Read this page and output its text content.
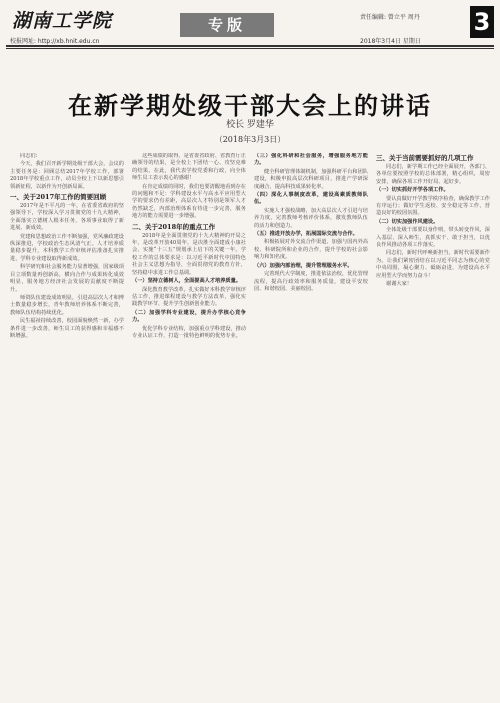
湖南工学院
校报网址: http://xb.hnit.edu.cn
专版	责任编辑: 曾立平 周丹
2018年3月4日 星期日
3
在新学期处级干部大会上的讲话
校长 罗建华
（2018年3月3日）

同志们:

今天，我们召开新学期处级干部大会，会议的主要任务是：回顾总结2017年学校工作，部署2018年学校重点工作，动员全校上下以新思想引领新征程，以新作为开创新局面。

一、关于2017年工作的简要回顾

2017年是不平凡的一年，在省委省政府的坚强领导下，学校深入学习贯彻党的十九大精神，全面落实立德树人根本任务，各项事业取得了新进展、新成效。

党建和思想政治工作不断加强，党风廉政建设纵深推进，学校政治生态风清气正。人才培养质量稳步提升，本科教学工作审核评估准备扎实推进，学科专业建设取得新成效。

科学研究和社会服务能力显著增强，国家级项目立项数量再创新高，横向合作与成果转化成效明显，服务地方经济社会发展的贡献度不断提升。

师资队伍建设成效明显，引进高层次人才和博士数量稳步增长，青年教师培养体系不断完善，教师队伍结构持续优化。

民生福祉持续改善，校园面貌焕然一新，办学条件进一步改善，师生员工的获得感和幸福感不断增强。

这些成绩的取得，是省委省政府、省教育厅正确领导的结果，是全校上下团结一心、攻坚克难的结果。在此，我代表学校党委和行政，向全体师生员工表示衷心的感谢！

在肯定成绩的同时，我们也要清醒地看到存在的问题和不足：学科建设水平与高水平应用型大学的要求仍有差距，高层次人才特别是领军人才仍然缺乏，内部治理体系有待进一步完善，服务地方的能力需要进一步增强。

二、关于2018年的重点工作

2018年是全面贯彻党的十九大精神的开局之年，是改革开放40周年，是决胜全面建成小康社会、实施“十三五”规划承上启下的关键一年。学校工作的总体要求是：以习近平新时代中国特色社会主义思想为指导，全面贯彻党的教育方针，坚持稳中求进工作总基调。

（一）坚持立德树人，全面提高人才培养质量。

深化教育教学改革，扎实做好本科教学审核评估工作，推进课程建设与教学方法改革，强化实践教学环节，提升学生创新创业能力。

（二）加强学科专业建设，提升办学核心竞争力。

优化学科专业结构，加强重点学科建设，推动专业认证工作，打造一批特色鲜明的优势专业。

（三）强化科研和社会服务，增强服务地方能力。

健全科研管理体制机制，加强科研平台和团队建设，积极申报高层次科研项目，推进产学研深度融合，提高科技成果转化率。

（四）深化人事制度改革，建设高素质教师队伍。

实施人才强校战略，加大高层次人才引进与培养力度，完善教师考核评价体系，激发教师队伍的活力和创造力。

（五）推进开放办学，拓展国际交流与合作。

积极拓展对外交流合作渠道，加强与国内外高校、科研院所和企业的合作，提升学校的社会影响力和知名度。

（六）加强内部治理，提升管理服务水平。

完善现代大学制度，推进依法治校，优化管理流程，提高行政效率和服务质量，建设平安校园、和谐校园、美丽校园。

三、关于当前需要抓好的几项工作

同志们，新学期工作已经全面展开，各部门、各单位要按照学校的总体部署，精心组织，周密安排，确保各项工作开好局、起好步。

（一）切实抓好开学各项工作。

要认真做好开学教学秩序检查，确保教学工作有序运行；做好学生返校、安全稳定等工作，营造良好的校园氛围。

（二）切实加强作风建设。

全体处级干部要以身作则，带头转变作风，深入基层、深入师生，真抓实干、敢于担当，以优良作风推动各项工作落实。

同志们，新时代呼唤新担当，新时代需要新作为。让我们紧密团结在以习近平同志为核心的党中央周围，凝心聚力、砥砺奋进，为建设高水平应用型大学而努力奋斗！

谢谢大家！
